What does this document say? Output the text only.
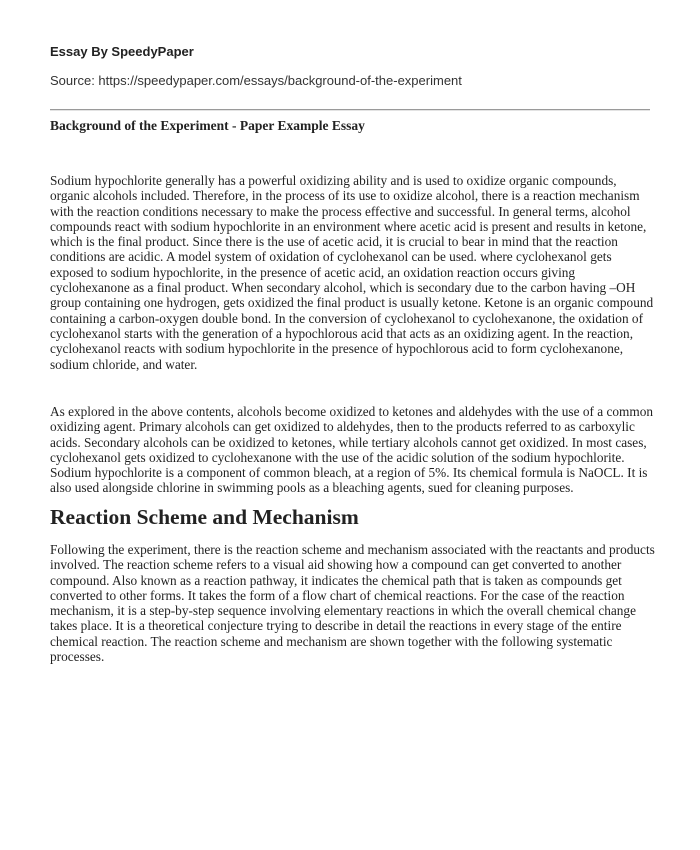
Essay By SpeedyPaper

Source: https://speedypaper.com/essays/background-of-the-experiment

Background of the Experiment - Paper Example Essay

Sodium hypochlorite generally has a powerful oxidizing ability and is used to oxidize organic compounds, organic alcohols included. Therefore, in the process of its use to oxidize alcohol, there is a reaction mechanism with the reaction conditions necessary to make the process effective and successful. In general terms, alcohol compounds react with sodium hypochlorite in an environment where acetic acid is present and results in ketone, which is the final product. Since there is the use of acetic acid, it is crucial to bear in mind that the reaction conditions are acidic. A model system of oxidation of cyclohexanol can be used. where cyclohexanol gets exposed to sodium hypochlorite, in the presence of acetic acid, an oxidation reaction occurs giving cyclohexanone as a final product. When secondary alcohol, which is secondary due to the carbon having –OH group containing one hydrogen, gets oxidized the final product is usually ketone. Ketone is an organic compound containing a carbon-oxygen double bond. In the conversion of cyclohexanol to cyclohexanone, the oxidation of cyclohexanol starts with the generation of a hypochlorous acid that acts as an oxidizing agent. In the reaction, cyclohexanol reacts with sodium hypochlorite in the presence of hypochlorous acid to form cyclohexanone, sodium chloride, and water.

As explored in the above contents, alcohols become oxidized to ketones and aldehydes with the use of a common oxidizing agent. Primary alcohols can get oxidized to aldehydes, then to the products referred to as carboxylic acids. Secondary alcohols can be oxidized to ketones, while tertiary alcohols cannot get oxidized. In most cases, cyclohexanol gets oxidized to cyclohexanone with the use of the acidic solution of the sodium hypochlorite. Sodium hypochlorite is a component of common bleach, at a region of 5%. Its chemical formula is NaOCL. It is also used alongside chlorine in swimming pools as a bleaching agents, sued for cleaning purposes.

Reaction Scheme and Mechanism

Following the experiment, there is the reaction scheme and mechanism associated with the reactants and products involved. The reaction scheme refers to a visual aid showing how a compound can get converted to another compound. Also known as a reaction pathway, it indicates the chemical path that is taken as compounds get converted to other forms. It takes the form of a flow chart of chemical reactions. For the case of the reaction mechanism, it is a step-by-step sequence involving elementary reactions in which the overall chemical change takes place. It is a theoretical conjecture trying to describe in detail the reactions in every stage of the entire chemical reaction. The reaction scheme and mechanism are shown together with the following systematic processes.
